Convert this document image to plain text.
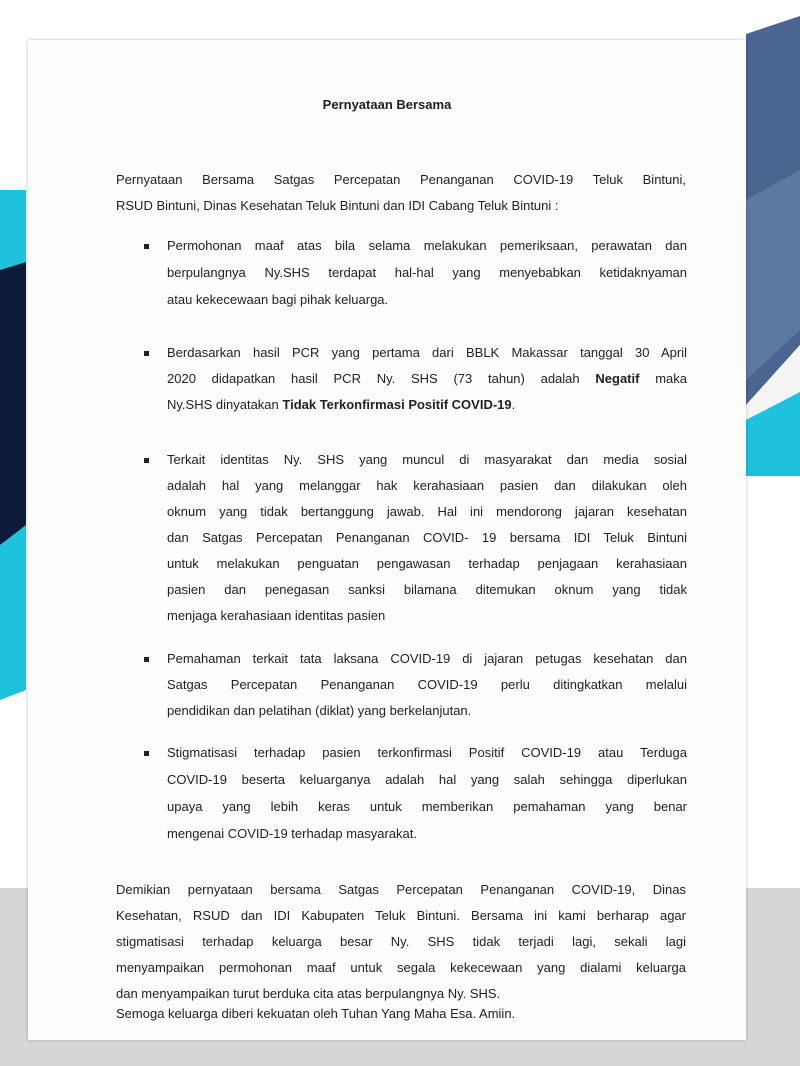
Pernyataan Bersama
Pernyataan Bersama Satgas Percepatan Penanganan COVID-19 Teluk Bintuni,
RSUD Bintuni, Dinas Kesehatan Teluk Bintuni dan IDI Cabang Teluk Bintuni :
Permohonan maaf atas bila selama melakukan pemeriksaan, perawatan dan
berpulangnya Ny.SHS terdapat hal-hal yang menyebabkan ketidaknyaman
atau kekecewaan bagi pihak keluarga.
Berdasarkan hasil PCR yang pertama dari BBLK Makassar tanggal 30 April
2020 didapatkan hasil PCR Ny. SHS (73 tahun) adalah Negatif maka
Ny.SHS dinyatakan Tidak Terkonfirmasi Positif COVID-19.
Terkait identitas Ny. SHS yang muncul di masyarakat dan media sosial
adalah hal yang melanggar hak kerahasiaan pasien dan dilakukan oleh
oknum yang tidak bertanggung jawab. Hal ini mendorong jajaran kesehatan
dan Satgas Percepatan Penanganan COVID- 19 bersama IDI Teluk Bintuni
untuk melakukan penguatan pengawasan terhadap penjagaan kerahasiaan
pasien dan penegasan sanksi bilamana ditemukan oknum yang tidak
menjaga kerahasiaan identitas pasien
Pemahaman terkait tata laksana COVID-19 di jajaran petugas kesehatan dan
Satgas Percepatan Penanganan COVID-19 perlu ditingkatkan melalui
pendidikan dan pelatihan (diklat) yang berkelanjutan.
Stigmatisasi terhadap pasien terkonfirmasi Positif COVID-19 atau Terduga
COVID-19 beserta keluarganya adalah hal yang salah sehingga diperlukan
upaya yang lebih keras untuk memberikan pemahaman yang benar
mengenai COVID-19 terhadap masyarakat.
Demikian pernyataan bersama Satgas Percepatan Penanganan COVID-19, Dinas
Kesehatan, RSUD dan IDI Kabupaten Teluk Bintuni. Bersama ini kami berharap agar
stigmatisasi terhadap keluarga besar Ny. SHS tidak terjadi lagi, sekali lagi
menyampaikan permohonan maaf untuk segala kekecewaan yang dialami keluarga
dan menyampaikan turut berduka cita atas berpulangnya Ny. SHS.
Semoga keluarga diberi kekuatan oleh Tuhan Yang Maha Esa. Amiin.
